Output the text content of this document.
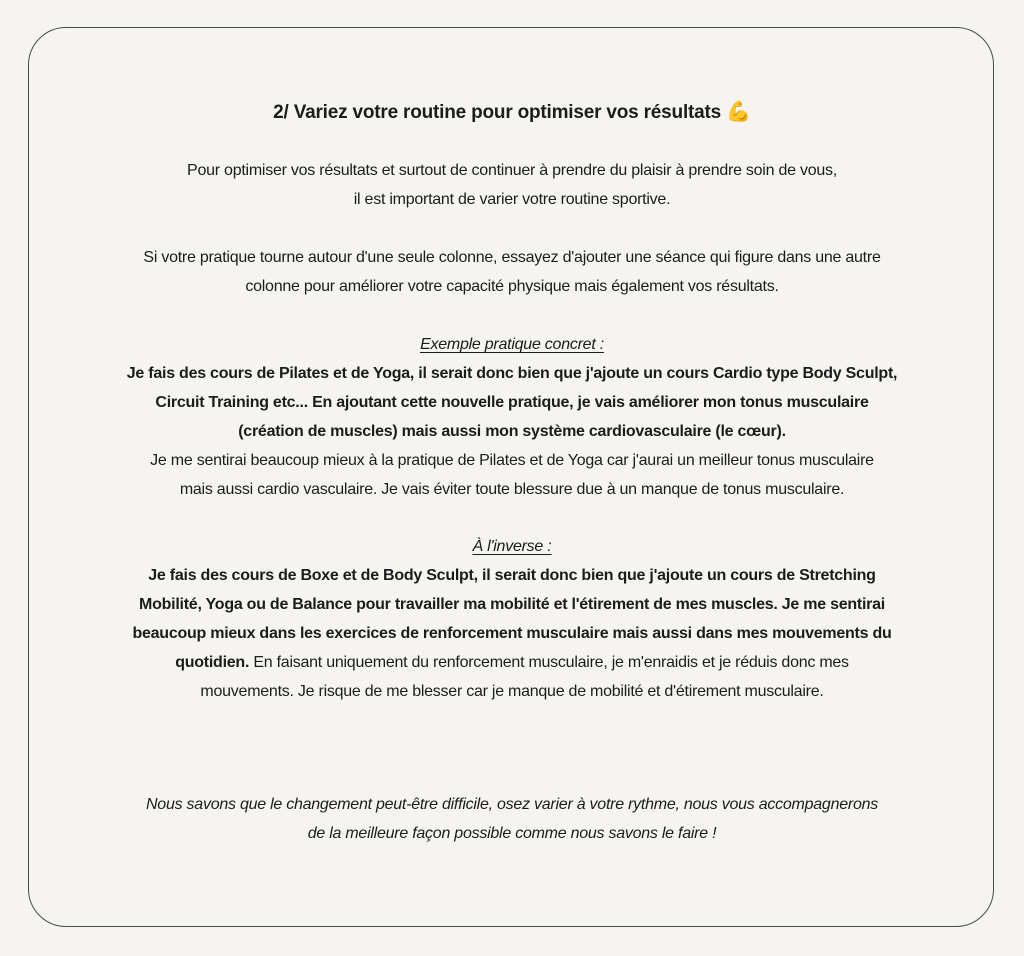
2/ Variez votre routine pour optimiser vos résultats 💪

Pour optimiser vos résultats et surtout de continuer à prendre du plaisir à prendre soin de vous,
il est important de varier votre routine sportive.

Si votre pratique tourne autour d'une seule colonne, essayez d'ajouter une séance qui figure dans une autre
colonne pour améliorer votre capacité physique mais également vos résultats.

Exemple pratique concret :
Je fais des cours de Pilates et de Yoga, il serait donc bien que j'ajoute un cours Cardio type Body Sculpt,
Circuit Training etc... En ajoutant cette nouvelle pratique, je vais améliorer mon tonus musculaire
(création de muscles) mais aussi mon système cardiovasculaire (le cœur).
Je me sentirai beaucoup mieux à la pratique de Pilates et de Yoga car j'aurai un meilleur tonus musculaire
mais aussi cardio vasculaire. Je vais éviter toute blessure due à un manque de tonus musculaire.
À l'inverse :
Je fais des cours de Boxe et de Body Sculpt, il serait donc bien que j'ajoute un cours de Stretching
Mobilité, Yoga ou de Balance pour travailler ma mobilité et l'étirement de mes muscles. Je me sentirai
beaucoup mieux dans les exercices de renforcement musculaire mais aussi dans mes mouvements du
quotidien. En faisant uniquement du renforcement musculaire, je m'enraidis et je réduis donc mes
mouvements. Je risque de me blesser car je manque de mobilité et d'étirement musculaire.

Nous savons que le changement peut-être difficile, osez varier à votre rythme, nous vous accompagnerons
de la meilleure façon possible comme nous savons le faire !
